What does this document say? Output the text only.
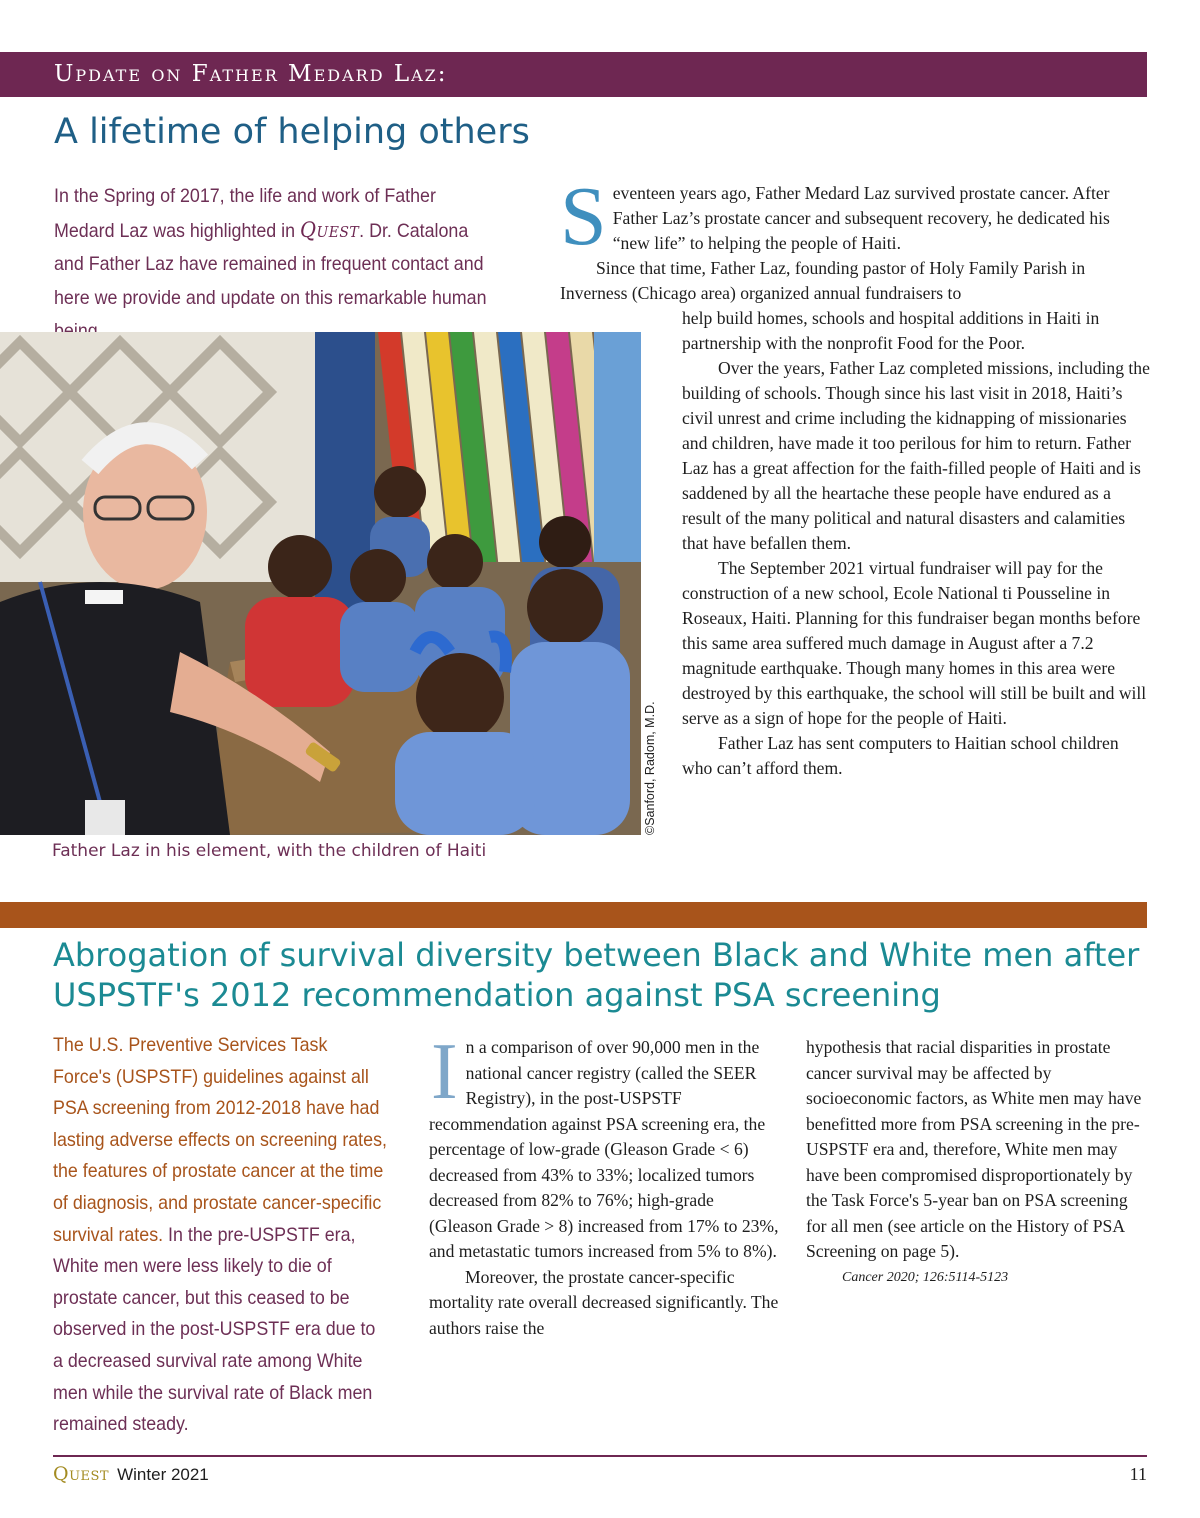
Update on Father Medard Laz:
A lifetime of helping others

In the Spring of 2017, the life and work of Father Medard Laz was highlighted in Quest. Dr. Catalona and Father Laz have remained in frequent contact and here we provide and update on this remarkable human

©Sanford, Radom, M.D.

Father Laz in his element, with the children of Haiti

Seventeen years ago, Father Medard Laz survived prostate cancer. After Father Laz’s prostate cancer and subsequent recovery, he dedicated his “new life” to helping the people of Haiti.

Since that time, Father Laz, founding pastor of Holy Family Parish in Inverness (Chicago area) organized annual fundraisers to

help build homes, schools and hospital additions in Haiti in partnership with the nonprofit Food for the Poor.

Over the years, Father Laz completed missions, including the building of schools. Though since his last visit in 2018, Haiti’s civil unrest and crime including the kidnapping of missionaries and children, have made it too perilous for him to return. Father Laz has a great affection for the faith-filled people of Haiti and is saddened by all the heartache these people have endured as a result of the many political and natural disasters and calamities that have befallen them.

The September 2021 virtual fundraiser will pay for the construction of a new school, Ecole National ti Pousseline in Roseaux, Haiti. Planning for this fundraiser began months before this same area suffered much damage in August after a 7.2 magnitude earthquake. Though many homes in this area were destroyed by this earthquake, the school will still be built and will serve as a sign of hope for the people of Haiti.

Father Laz has sent computers to Haitian school children who can’t afford them.

Abrogation of survival diversity between Black and White men after USPSTF's 2012 recommendation against PSA screening

The U.S. Preventive Services Task Force's (USPSTF) guidelines against all PSA screening from 2012-2018 have had lasting adverse effects on screening rates, the features of prostate cancer at the time of diagnosis, and prostate cancer-specific survival rates. In the pre-USPSTF era, White men were less likely to die of prostate cancer, but this ceased to be observed in the post-USPSTF era due to a decreased survival rate among White men while the survival rate of Black men remained steady.

In a comparison of over 90,000 men in the national cancer registry (called the SEER Registry), in the post-USPSTF recommendation against PSA screening era, the percentage of low-grade (Gleason Grade < 6) decreased from 43% to 33%; localized tumors decreased from 82% to 76%; high-grade (Gleason Grade > 8) increased from 17% to 23%, and metastatic tumors increased from 5% to 8%).

Moreover, the prostate cancer-specific mortality rate overall decreased significantly. The authors raise the

hypothesis that racial disparities in prostate cancer survival may be affected by socioeconomic factors, as White men may have benefitted more from PSA screening in the pre-USPSTF era and, therefore, White men may have been compromised disproportionately by the Task Force's 5-year ban on PSA screening for all men (see article on the History of PSA Screening on page 5).

Cancer 2020; 126:5114-5123

Quest Winter 2021	11
